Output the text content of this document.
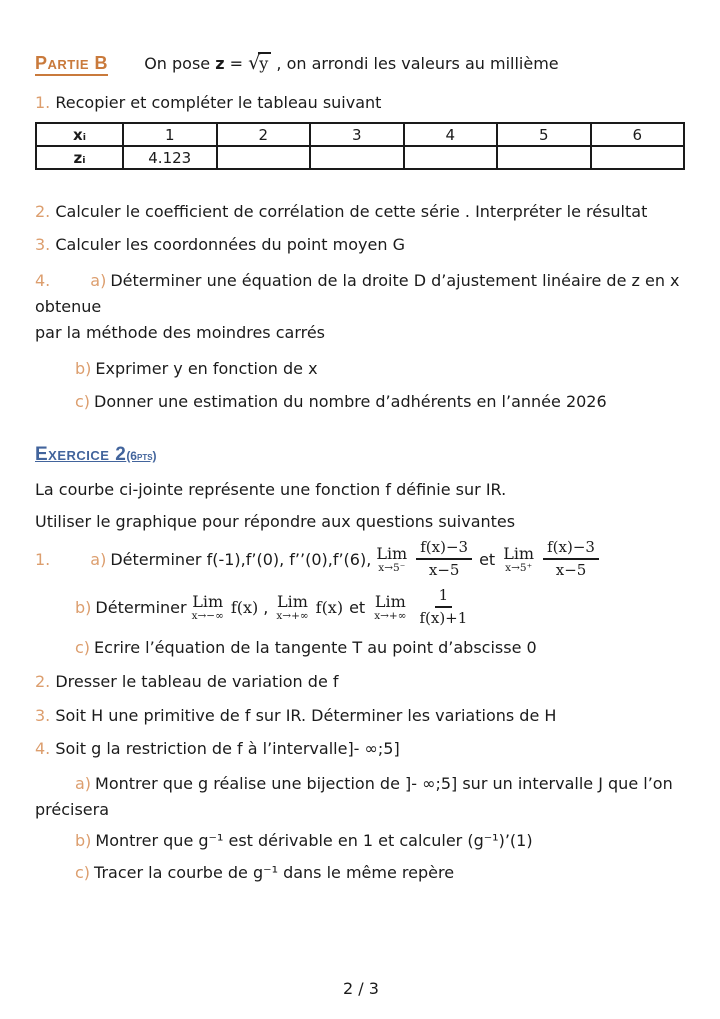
Partie B On pose z = √y , on arrondi les valeurs au millième
1. Recopier et compléter le tableau suivant
xᵢ	1	2	3	4	5	6
zᵢ	4.123					
2. Calculer le coefficient de corrélation de cette série . Interpréter le résultat
3. Calculer les coordonnées du point moyen G
4.	a) Déterminer une équation de la droite D d’ajustement linéaire de z en x obtenue
par la méthode des moindres carrés
b) Exprimer y en fonction de x
c) Donner une estimation du nombre d’adhérents en l’année 2026
Exercice 2(6pts)
La courbe ci-jointe représente une fonction f définie sur IR.
Utiliser le graphique pour répondre aux questions suivantes
1.	a) Déterminer f(-1),f’(0), f’’(0),f’(6), Lim
$x\to 5^- \frac{f(x)-3}{x-5}$ et Lim
$x\to 5^+ \frac{f(x)-3}{x-5}$
b) Déterminer Lim
x→−∞ f(x) , Lim
x→+∞ f(x) et Lim
$x\to+\infty \frac{1}{f(x)+1}$
c) Ecrire l’équation de la tangente T au point d’abscisse 0
2. Dresser le tableau de variation de f
3. Soit H une primitive de f sur IR. Déterminer les variations de H
4. Soit g la restriction de f à l’intervalle]- ∞;5]
a) Montrer que g réalise une bijection de ]- ∞;5] sur un intervalle J que l’on
précisera
b) Montrer que g⁻¹ est dérivable en 1 et calculer (g⁻¹)’(1)
c) Tracer la courbe de g⁻¹ dans le même repère
2 / 3
